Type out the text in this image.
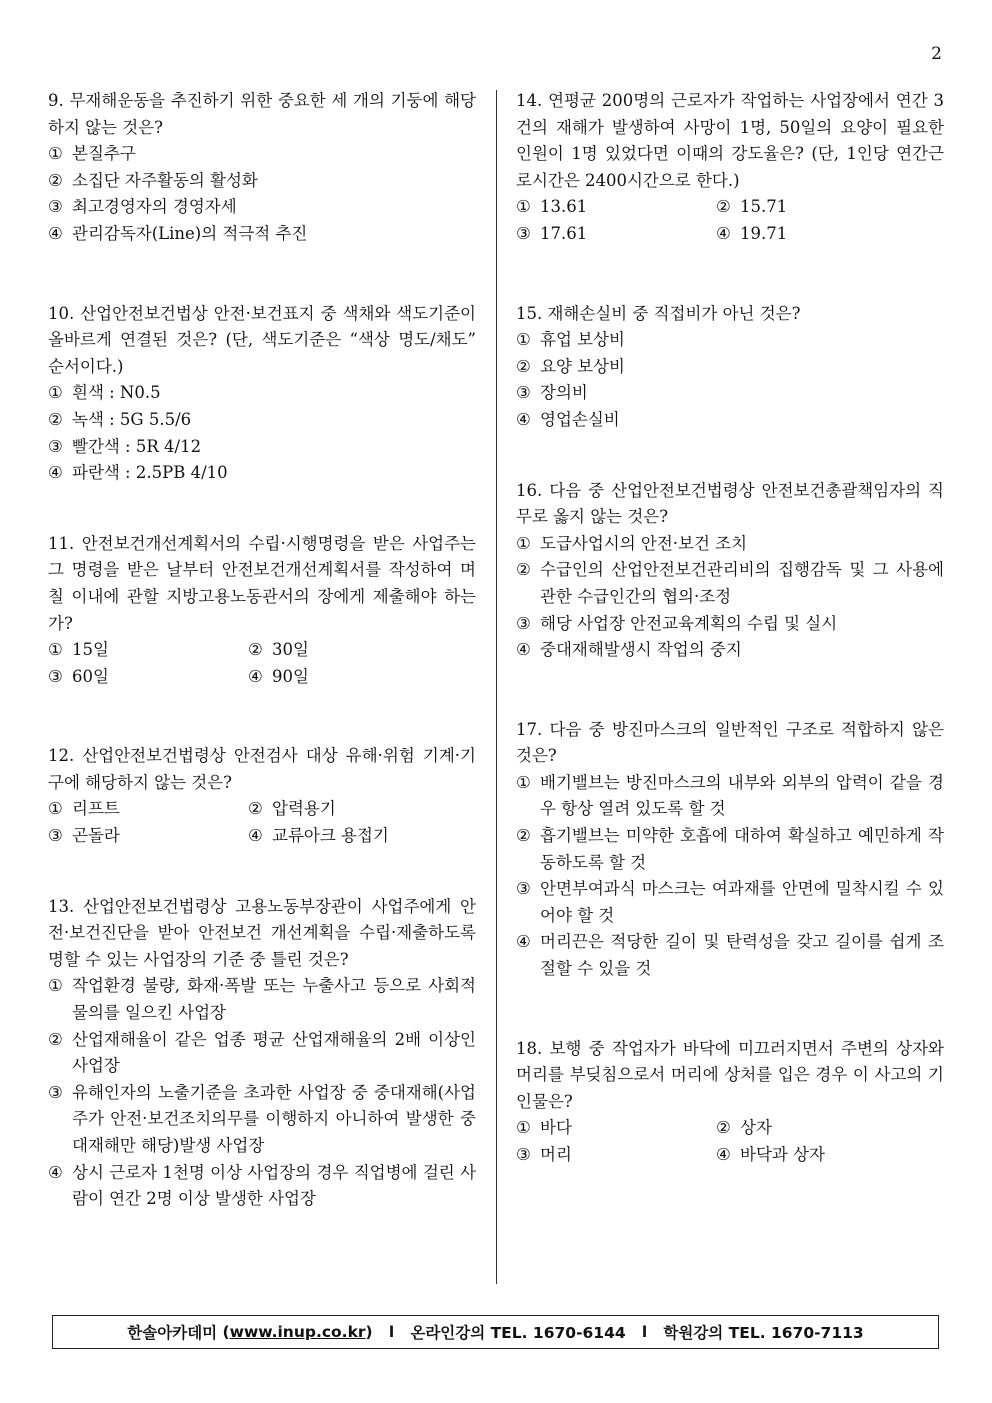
2
9. 무재해운동을 추진하기 위한 중요한 세 개의 기둥에 해당하지 않는 것은?
① 본질추구
② 소집단 자주활동의 활성화
③ 최고경영자의 경영자세
④ 관리감독자(Line)의 적극적 추진
10. 산업안전보건법상 안전·보건표지 중 색채와 색도기준이 올바르게 연결된 것은? (단, 색도기준은 “색상 명도/채도” 순서이다.)
① 흰색 : N0.5
② 녹색 : 5G 5.5/6
③ 빨간색 : 5R 4/12
④ 파란색 : 2.5PB 4/10
11. 안전보건개선계획서의 수립·시행명령을 받은 사업주는 그 명령을 받은 날부터 안전보건개선계획서를 작성하여 며칠 이내에 관할 지방고용노동관서의 장에게 제출해야 하는가?
① 15일	② 30일
③ 60일	④ 90일
12. 산업안전보건법령상 안전검사 대상 유해·위험 기계·기구에 해당하지 않는 것은?
① 리프트	② 압력용기
③ 곤돌라	④ 교류아크 용접기
13. 산업안전보건법령상 고용노동부장관이 사업주에게 안전·보건진단을 받아 안전보건 개선계획을 수립·제출하도록 명할 수 있는 사업장의 기준 중 틀린 것은?
① 작업환경 불량, 화재·폭발 또는 누출사고 등으로 사회적 물의를 일으킨 사업장
② 산업재해율이 같은 업종 평균 산업재해율의 2배 이상인 사업장
③ 유해인자의 노출기준을 초과한 사업장 중 중대재해(사업주가 안전·보건조치의무를 이행하지 아니하여 발생한 중대재해만 해당)발생 사업장
④ 상시 근로자 1천명 이상 사업장의 경우 직업병에 걸린 사람이 연간 2명 이상 발생한 사업장
14. 연평균 200명의 근로자가 작업하는 사업장에서 연간 3건의 재해가 발생하여 사망이 1명, 50일의 요양이 필요한 인원이 1명 있었다면 이때의 강도율은? (단, 1인당 연간근로시간은 2400시간으로 한다.)
① 13.61	② 15.71
③ 17.61	④ 19.71
15. 재해손실비 중 직접비가 아닌 것은?
① 휴업 보상비
② 요양 보상비
③ 장의비
④ 영업손실비
16. 다음 중 산업안전보건법령상 안전보건총괄책임자의 직무로 옳지 않는 것은?
① 도급사업시의 안전·보건 조치
② 수급인의 산업안전보건관리비의 집행감독 및 그 사용에 관한 수급인간의 협의·조정
③ 해당 사업장 안전교육계획의 수립 및 실시
④ 중대재해발생시 작업의 중지
17. 다음 중 방진마스크의 일반적인 구조로 적합하지 않은 것은?
① 배기밸브는 방진마스크의 내부와 외부의 압력이 같을 경우 항상 열려 있도록 할 것
② 흡기밸브는 미약한 호흡에 대하여 확실하고 예민하게 작동하도록 할 것
③ 안면부여과식 마스크는 여과재를 안면에 밀착시킬 수 있어야 할 것
④ 머리끈은 적당한 길이 및 탄력성을 갖고 길이를 쉽게 조절할 수 있을 것
18. 보행 중 작업자가 바닥에 미끄러지면서 주변의 상자와 머리를 부딪침으로서 머리에 상처를 입은 경우 이 사고의 기인물은?
① 바다	② 상자
③ 머리	④ 바닥과 상자
한솔아카데미 ( www.inup.co.kr ) l
온라인강의 TEL. 1670-6144
l
학원강의 TEL. 1670-7113
